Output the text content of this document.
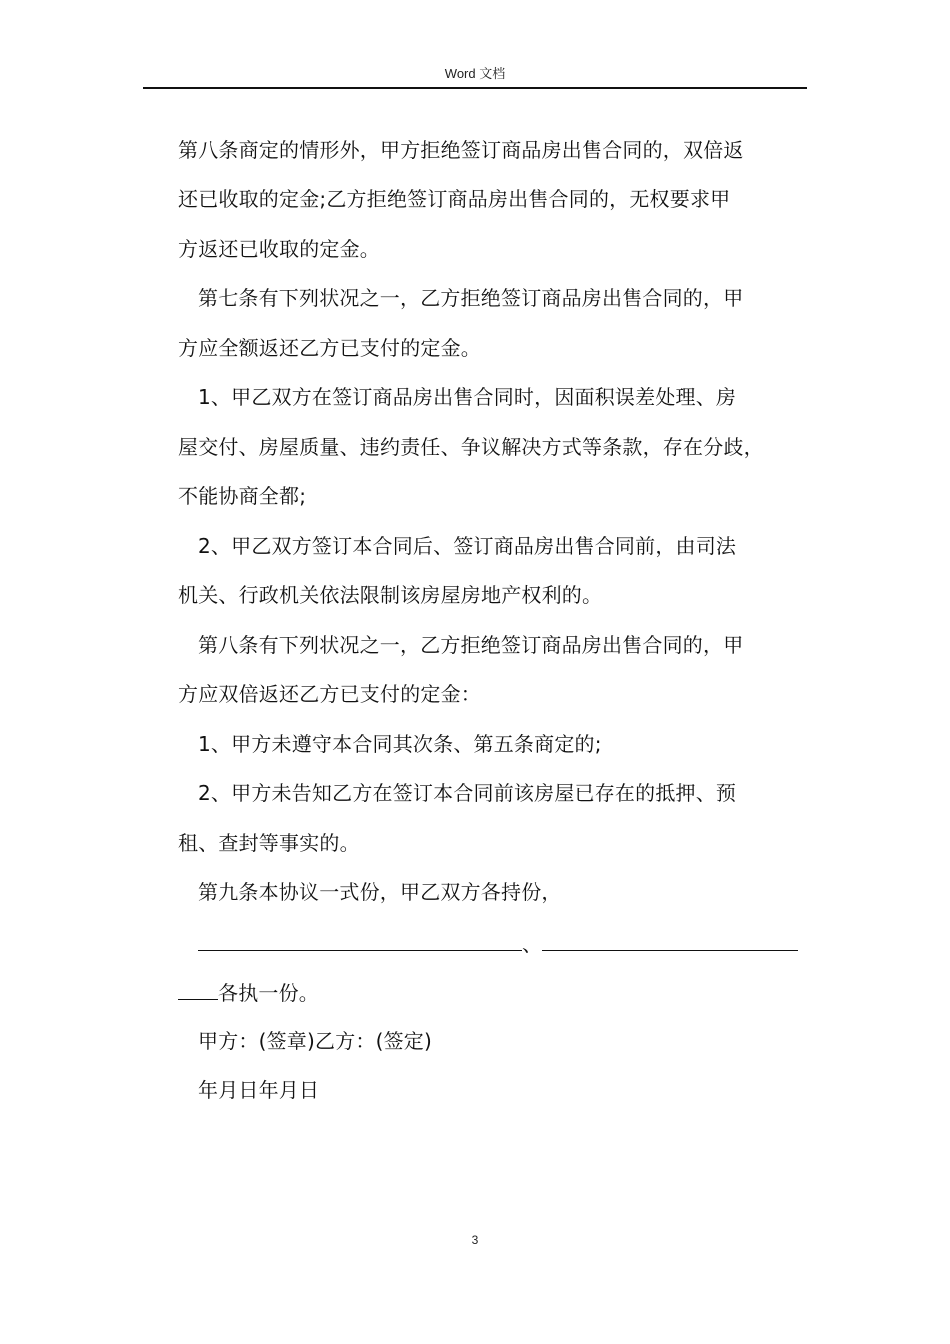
Word 文档
第八条商定的情形外，甲方拒绝签订商品房出售合同的，双倍返
还已收取的定金;乙方拒绝签订商品房出售合同的，无权要求甲
方返还已收取的定金。
第七条有下列状况之一，乙方拒绝签订商品房出售合同的，甲
方应全额返还乙方已支付的定金。
1、甲乙双方在签订商品房出售合同时，因面积误差处理、房
屋交付、房屋质量、违约责任、争议解决方式等条款，存在分歧，
不能协商全都;
2、甲乙双方签订本合同后、签订商品房出售合同前，由司法
机关、行政机关依法限制该房屋房地产权利的。
第八条有下列状况之一，乙方拒绝签订商品房出售合同的，甲
方应双倍返还乙方已支付的定金：
1、甲方未遵守本合同其次条、第五条商定的;
2、甲方未告知乙方在签订本合同前该房屋已存在的抵押、预
租、查封等事实的。
第九条本协议一式份，甲乙双方各持份，
、
各执一份。
甲方：(签章)乙方：(签定)
年月日年月日
3
